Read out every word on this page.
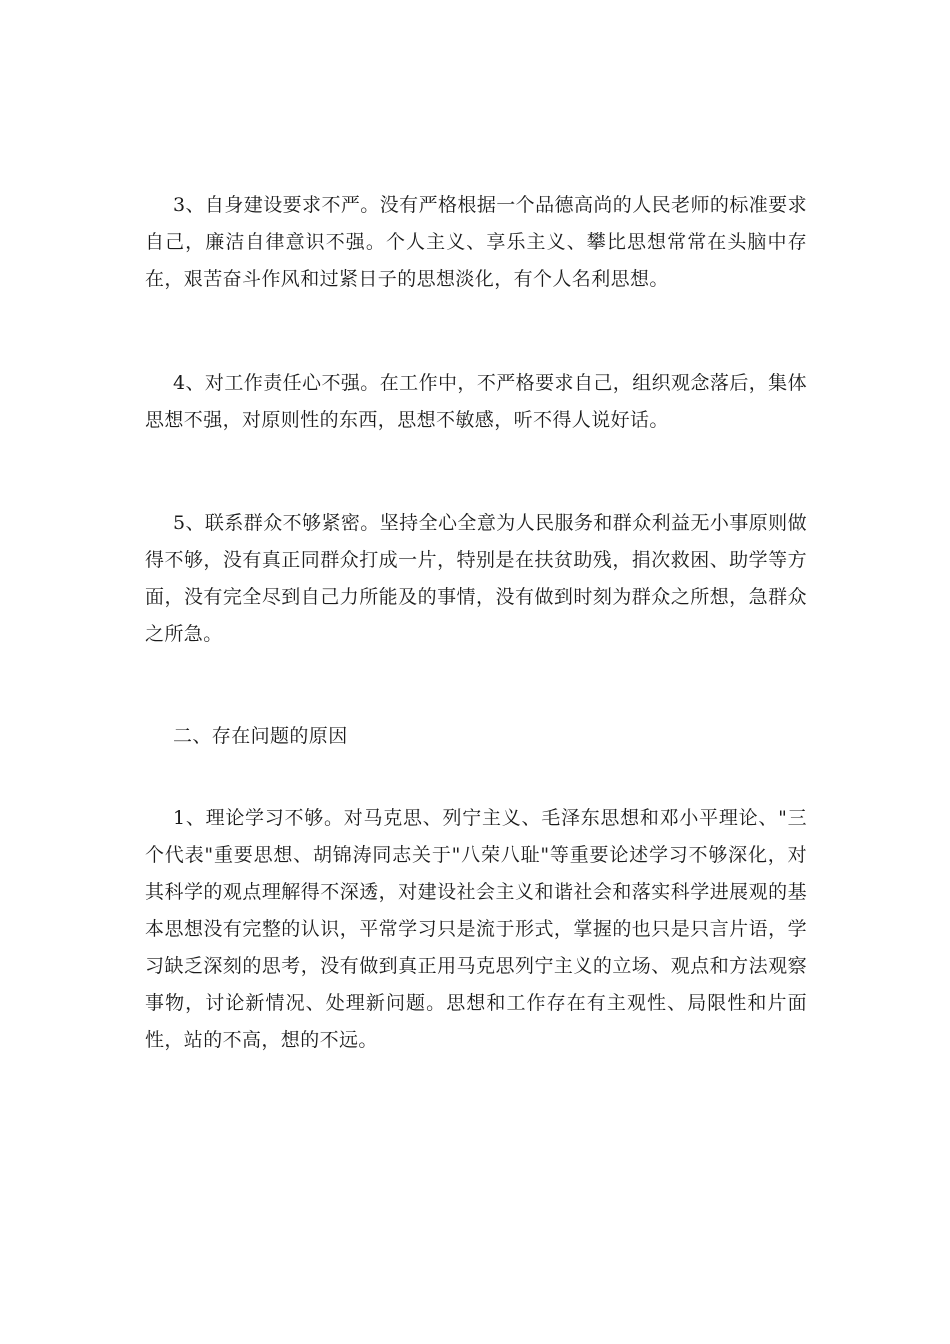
3、自身建设要求不严。没有严格根据一个品德高尚的人民老师的标准要求自己，廉洁自律意识不强。个人主义、享乐主义、攀比思想常常在头脑中存在，艰苦奋斗作风和过紧日子的思想淡化，有个人名利思想。

4、对工作责任心不强。在工作中，不严格要求自己，组织观念落后，集体思想不强，对原则性的东西，思想不敏感，听不得人说好话。

5、联系群众不够紧密。坚持全心全意为人民服务和群众利益无小事原则做得不够，没有真正同群众打成一片，特别是在扶贫助残，捐次救困、助学等方面，没有完全尽到自己力所能及的事情，没有做到时刻为群众之所想，急群众之所急。

二、存在问题的原因

1、理论学习不够。对马克思、列宁主义、毛泽东思想和邓小平理论、"三个代表"重要思想、胡锦涛同志关于"八荣八耻"等重要论述学习不够深化，对其科学的观点理解得不深透，对建设社会主义和谐社会和落实科学进展观的基本思想没有完整的认识，平常学习只是流于形式，掌握的也只是只言片语，学习缺乏深刻的思考，没有做到真正用马克思列宁主义的立场、观点和方法观察事物，讨论新情况、处理新问题。思想和工作存在有主观性、局限性和片面性，站的不高，想的不远。
